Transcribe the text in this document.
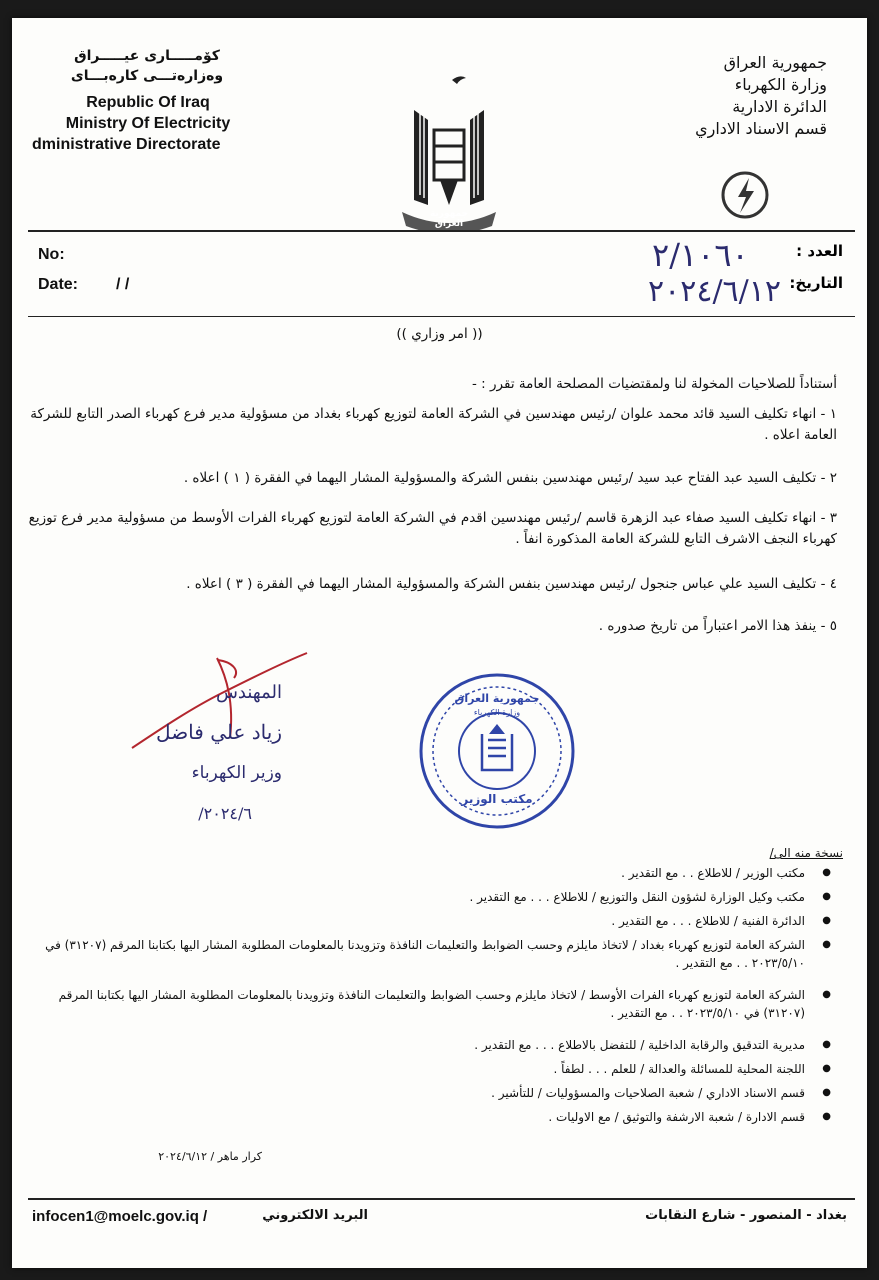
كۆمـــــارى عيـــــراق
وەزارەتـــى كارەبـــاى
Republic Of Iraq
Ministry Of Electricity
dministrative Directorate
جمهورية العراق
جمهورية العراق
وزارة الكهرباء
الدائرة الادارية
قسم الاسناد الاداري
No:
Date: / /
العدد :
التاريخ:
٢/١٠٦٠
٢٠٢٤/٦/١٢
(( امر وزاري ))
أستناداً للصلاحيات المخولة لنا ولمقتضيات المصلحة العامة تقرر : -
١ - انهاء تكليف السيد قائد محمد علوان /رئيس مهندسين في الشركة العامة لتوزيع كهرباء بغداد من مسؤولية مدير فرع كهرباء الصدر التابع للشركة العامة اعلاه .
٢ - تكليف السيد عبد الفتاح عبد سيد /رئيس مهندسين بنفس الشركة والمسؤولية المشار اليهما في الفقرة ( ١ ) اعلاه .
٣ - انهاء تكليف السيد صفاء عبد الزهرة قاسم /رئيس مهندسين اقدم في الشركة العامة لتوزيع كهرباء الفرات الأوسط من مسؤولية مدير فرع توزيع كهرباء النجف الاشرف التابع للشركة العامة المذكورة انفاً .
٤ - تكليف السيد علي عباس جنجول /رئيس مهندسين بنفس الشركة والمسؤولية المشار اليهما في الفقرة ( ٣ ) اعلاه .
٥ - ينفذ هذا الامر اعتباراً من تاريخ صدوره .
المهندس
زياد علي فاضل
وزير الكهرباء
٢٠٢٤/٦/
جمهورية العراق
وزارة الكهرباء
مكتب الوزير
نسخة منه الى/
● مكتب الوزير / للاطلاع . . مع التقدير .
● مكتب وكيل الوزارة لشؤون النقل والتوزيع / للاطلاع . . . مع التقدير .
● الدائرة الفنية / للاطلاع . . . مع التقدير .
● الشركة العامة لتوزيع كهرباء بغداد / لاتخاذ مايلزم وحسب الضوابط والتعليمات النافذة وتزويدنا بالمعلومات المطلوبة المشار اليها بكتابنا المرقم (٣١٢٠٧) في ٢٠٢٣/٥/١٠ . . مع التقدير .
● الشركة العامة لتوزيع كهرباء الفرات الأوسط / لاتخاذ مايلزم وحسب الضوابط والتعليمات النافذة وتزويدنا بالمعلومات المطلوبة المشار اليها بكتابنا المرقم (٣١٢٠٧) في ٢٠٢٣/٥/١٠ . . مع التقدير .
● مديرية التدقيق والرقابة الداخلية / للتفضل بالاطلاع . . . مع التقدير .
● اللجنة المحلية للمسائلة والعدالة / للعلم . . . لطفاً .
● قسم الاسناد الاداري / شعبة الصلاحيات والمسؤوليات / للتأشير .
● قسم الادارة / شعبة الارشفة والتوثيق / مع الاوليات .
كرار ماهر / ٢٠٢٤/٦/١٢
infocen1@moelc.gov.iq /	البريد الالكتروني	بغداد - المنصور - شارع النقابات
